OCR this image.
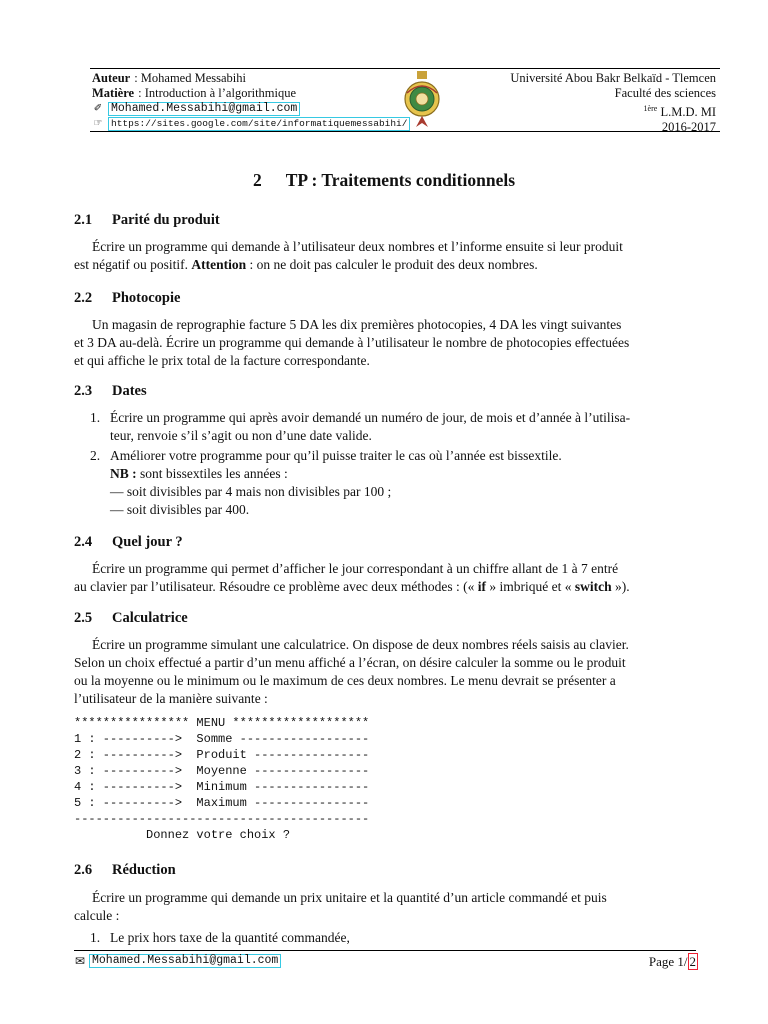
Auteur : Mohamed Messabihi
Matière : Introduction à l’algorithmique
✐ Mohamed.Messabihi@gmail.com
☞ https://sites.google.com/site/informatiquemessabihi/
Université Abou Bakr Belkaïd - Tlemcen
Faculté des sciences
$^{1ère}$ L.M.D. MI
2016-2017
2 TP : Traitements conditionnels
2.1 Parité du produit
Écrire un programme qui demande à l’utilisateur deux nombres et l’informe ensuite si leur produit
est négatif ou positif. Attention : on ne doit pas calculer le produit des deux nombres.
2.2 Photocopie
Un magasin de reprographie facture 5 DA les dix premières photocopies, 4 DA les vingt suivantes
et 3 DA au-delà. Écrire un programme qui demande à l’utilisateur le nombre de photocopies effectuées
et qui affiche le prix total de la facture correspondante.
2.3 Dates
1. Écrire un programme qui après avoir demandé un numéro de jour, de mois et d’année à l’utilisa-
teur, renvoie s’il s’agit ou non d’une date valide.
2. Améliorer votre programme pour qu’il puisse traiter le cas où l’année est bissextile.
NB : sont bissextiles les années :
— soit divisibles par 4 mais non divisibles par 100 ;
— soit divisibles par 400.
2.4 Quel jour ?
Écrire un programme qui permet d’afficher le jour correspondant à un chiffre allant de 1 à 7 entré
au clavier par l’utilisateur. Résoudre ce problème avec deux méthodes : (« if » imbriqué et « switch »).
2.5 Calculatrice
Écrire un programme simulant une calculatrice. On dispose de deux nombres réels saisis au clavier.
Selon un choix effectué a partir d’un menu affiché a l’écran, on désire calculer la somme ou le produit
ou la moyenne ou le minimum ou le maximum de ces deux nombres. Le menu devrait se présenter a
l’utilisateur de la manière suivante :
**************** MENU *******************
1 : ---------->  Somme ------------------
2 : ---------->  Produit ----------------
3 : ---------->  Moyenne ----------------
4 : ---------->  Minimum ----------------
5 : ---------->  Maximum ----------------
-----------------------------------------
Donnez votre choix ?
2.6 Réduction
Écrire un programme qui demande un prix unitaire et la quantité d’un article commandé et puis
calcule :
1. Le prix hors taxe de la quantité commandée,
✉ Mohamed.Messabihi@gmail.com	Page 1/ 2
